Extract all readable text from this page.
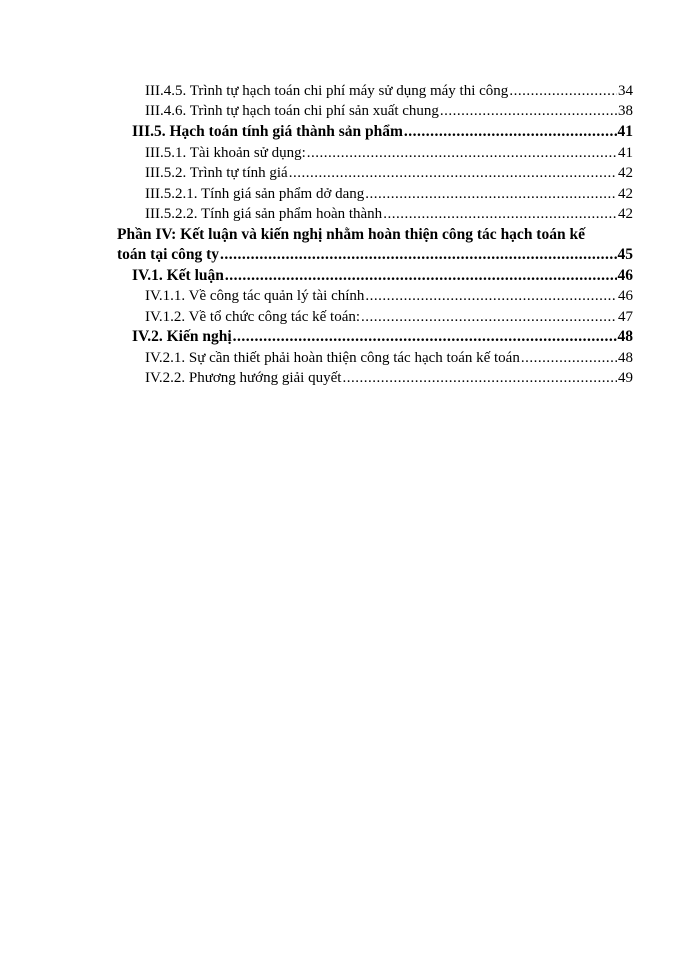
III.4.5. Trình tự hạch toán chi phí máy sử dụng máy thi công .....	34
III.4.6. Trình tự hạch toán chi phí sản xuất chung .....	38
III.5. Hạch toán tính giá thành sản phẩm .....	41
III.5.1. Tài khoản sử dụng: .....	41
III.5.2. Trình tự tính giá .....	42
III.5.2.1. Tính giá sản phẩm dở dang .....	42
III.5.2.2. Tính giá sản phẩm hoàn thành .....	42
Phần IV: Kết luận và kiến nghị nhằm hoàn thiện công tác hạch toán kế
toán tại công ty .....	45
IV.1. Kết luận .....	46
IV.1.1. Về công tác quản lý tài chính .....	46
IV.1.2. Về tổ chức công tác kế toán: .....	47
IV.2. Kiến nghị .....	48
IV.2.1. Sự cần thiết phải hoàn thiện công tác hạch toán kế toán .....	48
IV.2.2. Phương hướng giải quyết .....	49
